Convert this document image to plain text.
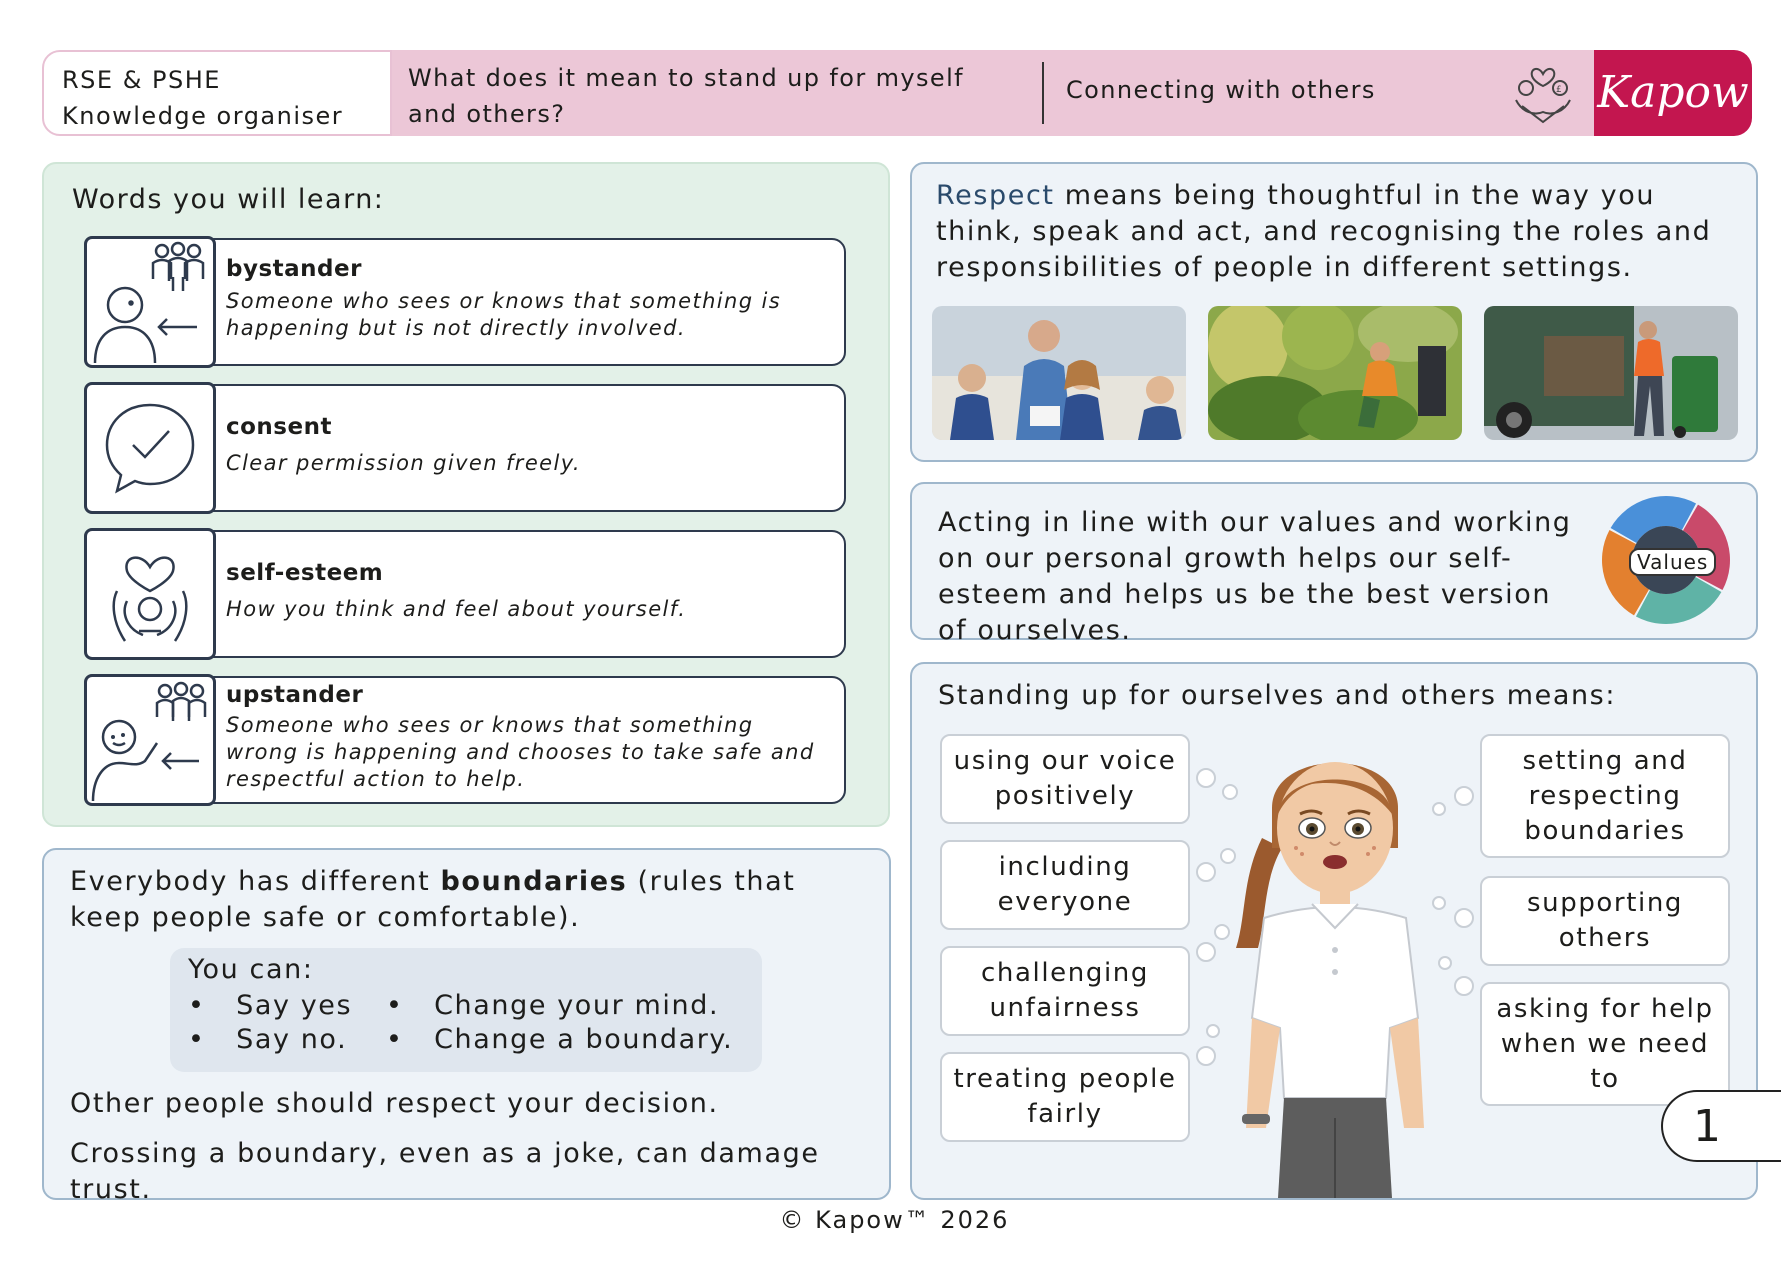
RSE & PSHE
Knowledge organiser
What does it mean to stand up for myself and others?
Connecting with others	£ Kapow
Words you will learn:
bystander
Someone who sees or knows that something is happening but is not directly involved.
consent
Clear permission given freely.
self-esteem
How you think and feel about yourself.
upstander
Someone who sees or knows that something wrong is happening and chooses to take safe and respectful action to help.
Everybody has different boundaries (rules that keep people safe or comfortable).
You can:
•   Say yes
•   Say no.
•   Change your mind.
•   Change a boundary.
Other people should respect your decision.
Crossing a boundary, even as a joke, can damage trust.
Respect means being thoughtful in the way you think, speak and act, and recognising the roles and responsibilities of people in different settings.
Acting in line with our values and working on our personal growth helps our self-esteem and helps us be the best version of ourselves.
Values
Standing up for ourselves and others means:
using our voice positively
including everyone
challenging unfairness
treating people fairly
setting and respecting boundaries
supporting others
asking for help when we need to
1
© Kapow™ 2026
